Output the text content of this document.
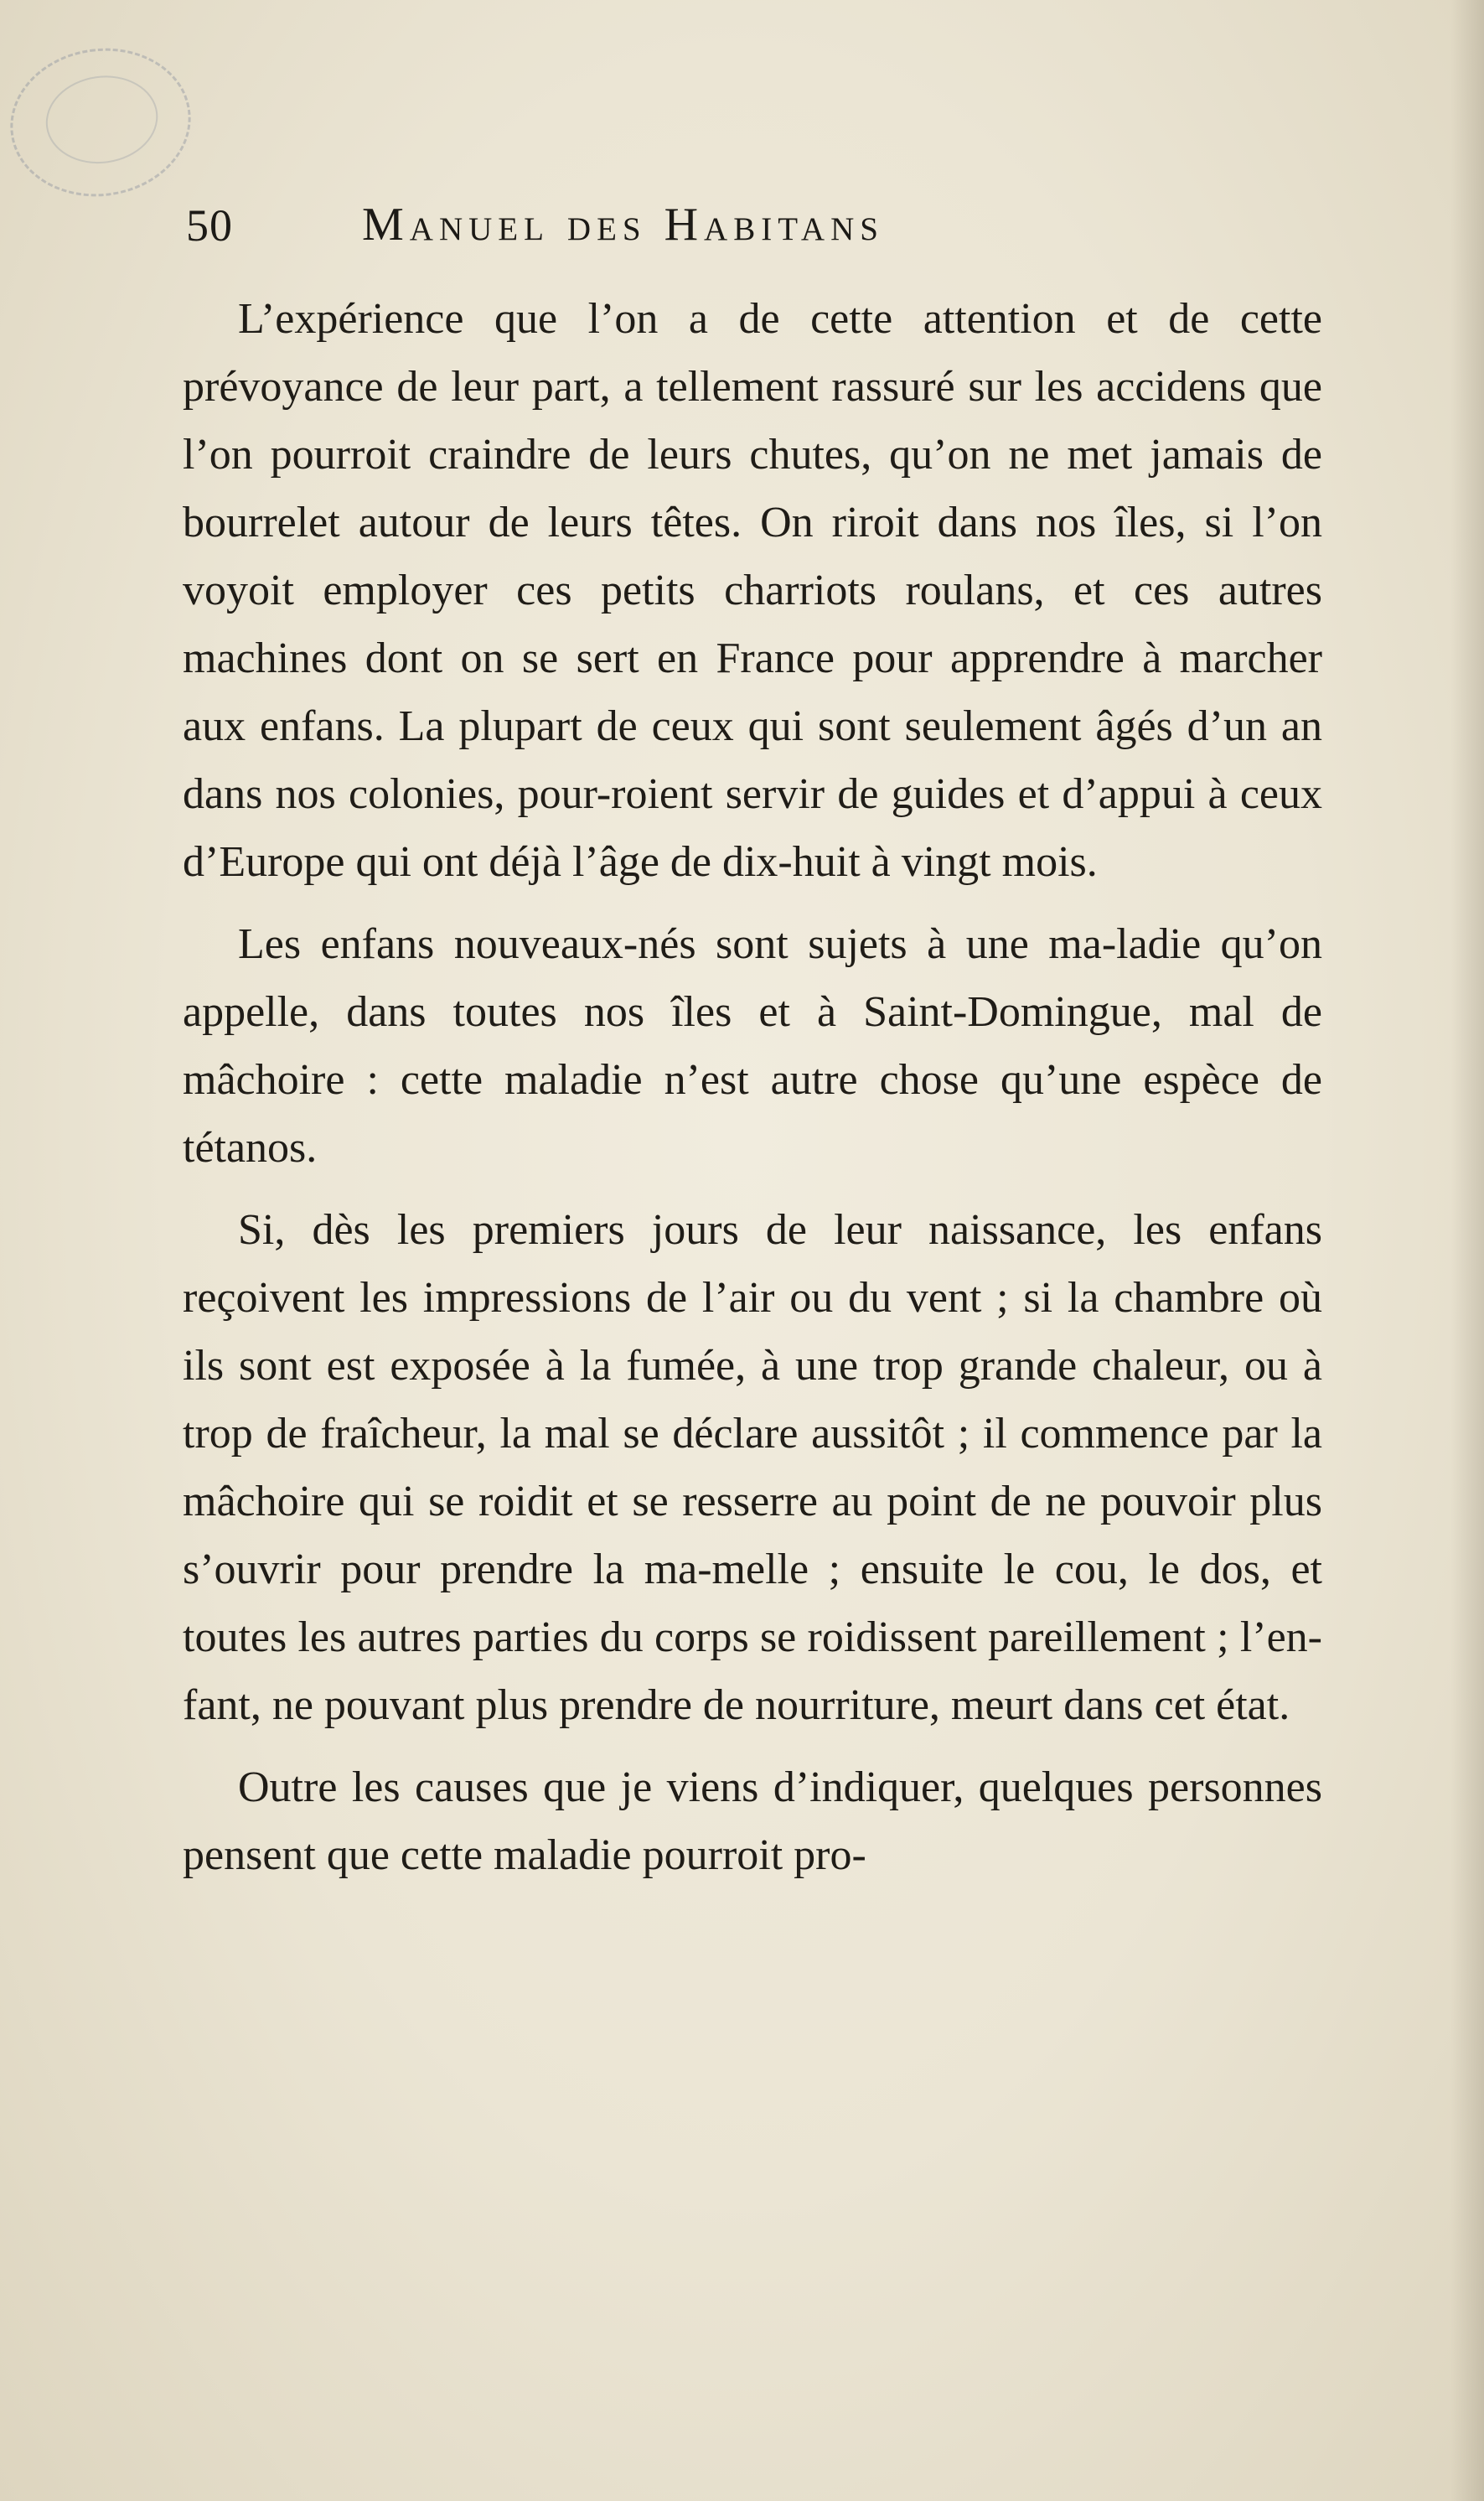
50	Manuel des Habitans

L’expérience que l’on a de cette attention et de cette prévoyance de leur part, a tellement rassuré sur les accidens que l’on pourroit craindre de leurs chutes, qu’on ne met jamais de bourrelet autour de leurs têtes. On riroit dans nos îles, si l’on voyoit employer ces petits charriots roulans, et ces autres machines dont on se sert en France pour apprendre à marcher aux enfans. La plupart de ceux qui sont seulement âgés d’un an dans nos colonies, pour-roient servir de guides et d’appui à ceux d’Europe qui ont déjà l’âge de dix-huit à vingt mois.

Les enfans nouveaux-nés sont sujets à une ma-ladie qu’on appelle, dans toutes nos îles et à Saint-Domingue, mal de mâchoire : cette maladie n’est autre chose qu’une espèce de tétanos.

Si, dès les premiers jours de leur naissance, les enfans reçoivent les impressions de l’air ou du vent ; si la chambre où ils sont est exposée à la fumée, à une trop grande chaleur, ou à trop de fraîcheur, la mal se déclare aussitôt ; il commence par la mâchoire qui se roidit et se resserre au point de ne pouvoir plus s’ouvrir pour prendre la ma-melle ; ensuite le cou, le dos, et toutes les autres parties du corps se roidissent pareillement ; l’en-fant, ne pouvant plus prendre de nourriture, meurt dans cet état.

Outre les causes que je viens d’indiquer, quelques personnes pensent que cette maladie pourroit pro-
